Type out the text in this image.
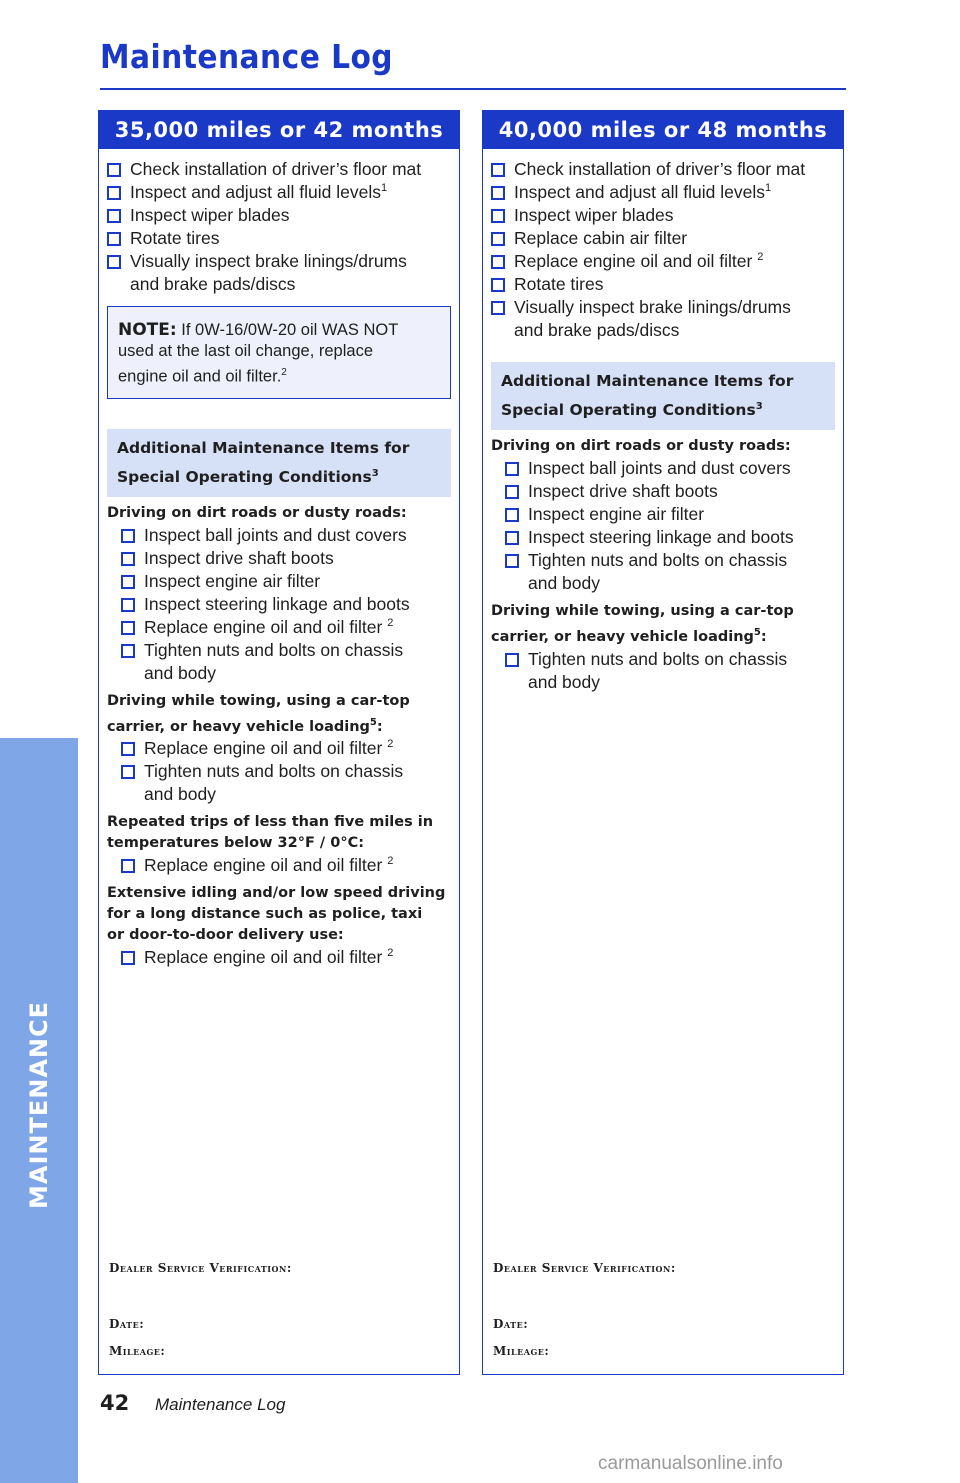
MAINTENANCE
Maintenance Log
35,000 miles or 42 months
Check installation of driver’s floor mat
Inspect and adjust all fluid levels$^1$
Inspect wiper blades
Rotate tires
Visually inspect brake linings/drums
and brake pads/discs
NOTE: If 0W-16/0W-20 oil WAS NOT
used at the last oil change, replace
engine oil and oil filter.$^2$
Additional Maintenance Items for
Special Operating Conditions$^3$
Driving on dirt roads or dusty roads:
Inspect ball joints and dust covers
Inspect drive shaft boots
Inspect engine air filter
Inspect steering linkage and boots
Replace engine oil and oil filter $^2$
Tighten nuts and bolts on chassis
and body
Driving while towing, using a car-top
carrier, or heavy vehicle loading$^5$:
Replace engine oil and oil filter $^2$
Tighten nuts and bolts on chassis
and body
Repeated trips of less than five miles in
temperatures below 32°F / 0°C:
Replace engine oil and oil filter $^2$
Extensive idling and/or low speed driving
for a long distance such as police, taxi
or door-to-door delivery use:
Replace engine oil and oil filter $^2$
Dealer Service Verification:
Date:
Mileage:
40,000 miles or 48 months
Check installation of driver’s floor mat
Inspect and adjust all fluid levels$^1$
Inspect wiper blades
Replace cabin air filter
Replace engine oil and oil filter $^2$
Rotate tires
Visually inspect brake linings/drums
and brake pads/discs
Additional Maintenance Items for
Special Operating Conditions$^3$
Driving on dirt roads or dusty roads:
Inspect ball joints and dust covers
Inspect drive shaft boots
Inspect engine air filter
Inspect steering linkage and boots
Tighten nuts and bolts on chassis
and body
Driving while towing, using a car-top
carrier, or heavy vehicle loading$^5$:
Tighten nuts and bolts on chassis
and body
Dealer Service Verification:
Date:
Mileage:
42 Maintenance Log
carmanualsonline.info
